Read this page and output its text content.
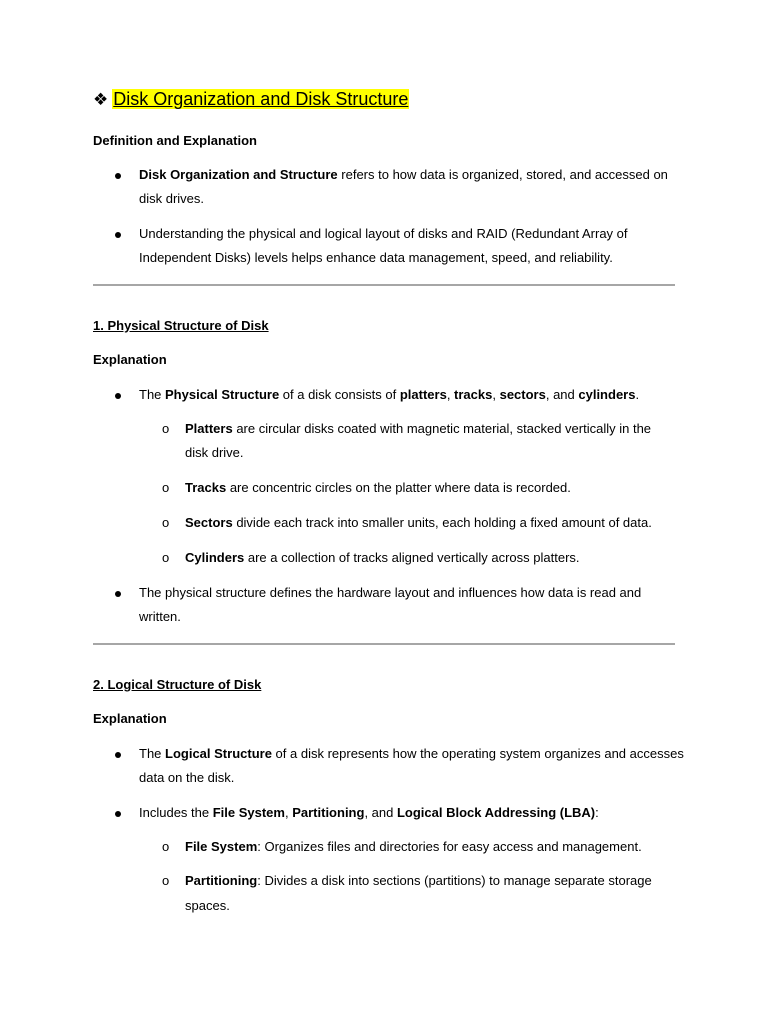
❖ Disk Organization and Disk Structure
Definition and Explanation
Disk Organization and Structure refers to how data is organized, stored, and accessed on
disk drives.
Understanding the physical and logical layout of disks and RAID (Redundant Array of
Independent Disks) levels helps enhance data management, speed, and reliability.
1. Physical Structure of Disk
Explanation
The Physical Structure of a disk consists of platters, tracks, sectors, and cylinders.
o Platters are circular disks coated with magnetic material, stacked vertically in the
disk drive.
o Tracks are concentric circles on the platter where data is recorded.
o Sectors divide each track into smaller units, each holding a fixed amount of data.
o Cylinders are a collection of tracks aligned vertically across platters.
The physical structure defines the hardware layout and influences how data is read and
written.
2. Logical Structure of Disk
Explanation
The Logical Structure of a disk represents how the operating system organizes and accesses
data on the disk.
Includes the File System, Partitioning, and Logical Block Addressing (LBA):
o File System: Organizes files and directories for easy access and management.
o Partitioning: Divides a disk into sections (partitions) to manage separate storage
spaces.
